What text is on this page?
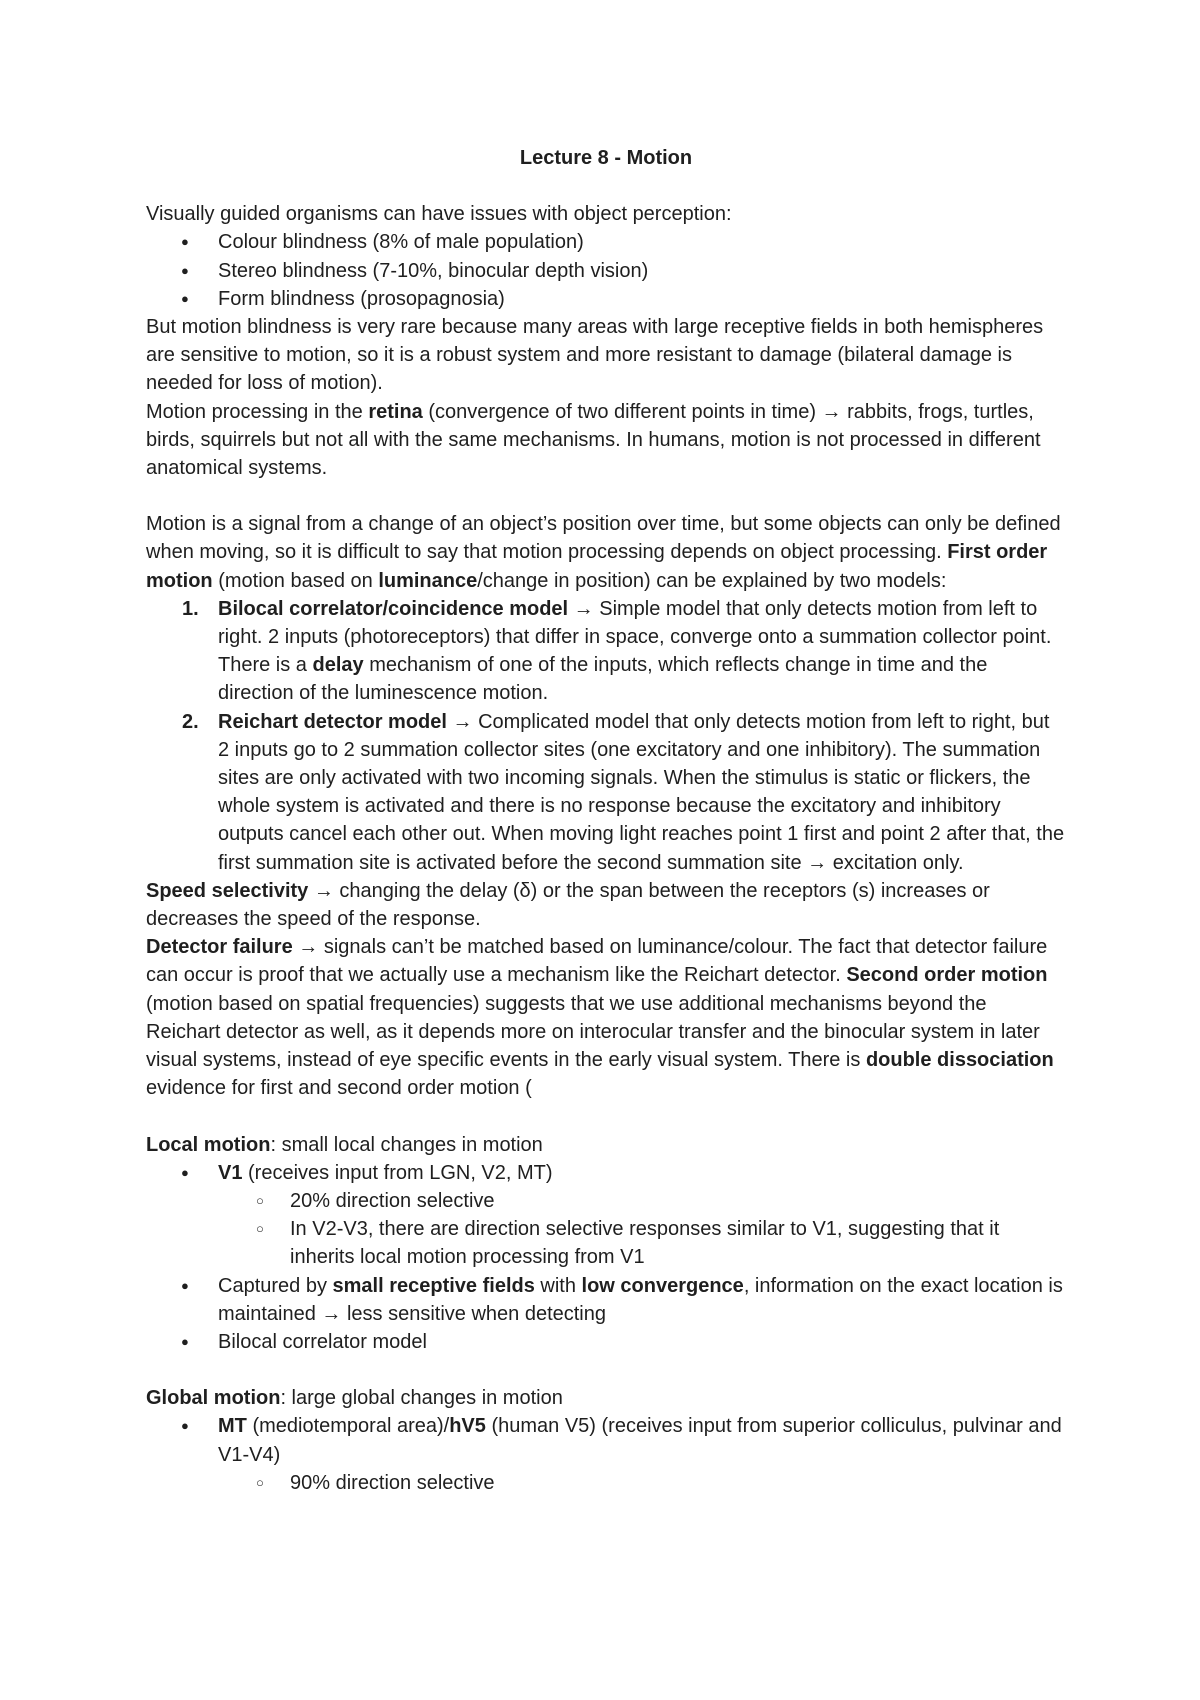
Lecture 8 - Motion

Visually guided organisms can have issues with object perception:

● Colour blindness (8% of male population)
● Stereo blindness (7-10%, binocular depth vision)
● Form blindness (prosopagnosia)

But motion blindness is very rare because many areas with large receptive fields in both hemispheres are sensitive to motion, so it is a robust system and more resistant to damage (bilateral damage is needed for loss of motion).

Motion processing in the retina (convergence of two different points in time) → rabbits, frogs, turtles, birds, squirrels but not all with the same mechanisms. In humans, motion is not processed in different anatomical systems.

Motion is a signal from a change of an object’s position over time, but some objects can only be defined when moving, so it is difficult to say that motion processing depends on object processing. First order motion (motion based on luminance/change in position) can be explained by two models:

1. Bilocal correlator/coincidence model → Simple model that only detects motion from left to right. 2 inputs (photoreceptors) that differ in space, converge onto a summation collector point. There is a delay mechanism of one of the inputs, which reflects change in time and the direction of the luminescence motion.
2. Reichart detector model → Complicated model that only detects motion from left to right, but 2 inputs go to 2 summation collector sites (one excitatory and one inhibitory). The summation sites are only activated with two incoming signals. When the stimulus is static or flickers, the whole system is activated and there is no response because the excitatory and inhibitory outputs cancel each other out. When moving light reaches point 1 first and point 2 after that, the first summation site is activated before the second summation site → excitation only.

Speed selectivity → changing the delay (δ) or the span between the receptors (s) increases or decreases the speed of the response.

Detector failure → signals can’t be matched based on luminance/colour. The fact that detector failure can occur is proof that we actually use a mechanism like the Reichart detector. Second order motion (motion based on spatial frequencies) suggests that we use additional mechanisms beyond the Reichart detector as well, as it depends more on interocular transfer and the binocular system in later visual systems, instead of eye specific events in the early visual system. There is double dissociation evidence for first and second order motion (

Local motion: small local changes in motion

● V1 (receives input from LGN, V2, MT)
○ 20% direction selective
○ In V2-V3, there are direction selective responses similar to V1, suggesting that it inherits local motion processing from V1
● Captured by small receptive fields with low convergence, information on the exact location is maintained → less sensitive when detecting
● Bilocal correlator model

Global motion: large global changes in motion

● MT (mediotemporal area)/hV5 (human V5) (receives input from superior colliculus, pulvinar and V1-V4)
○ 90% direction selective
